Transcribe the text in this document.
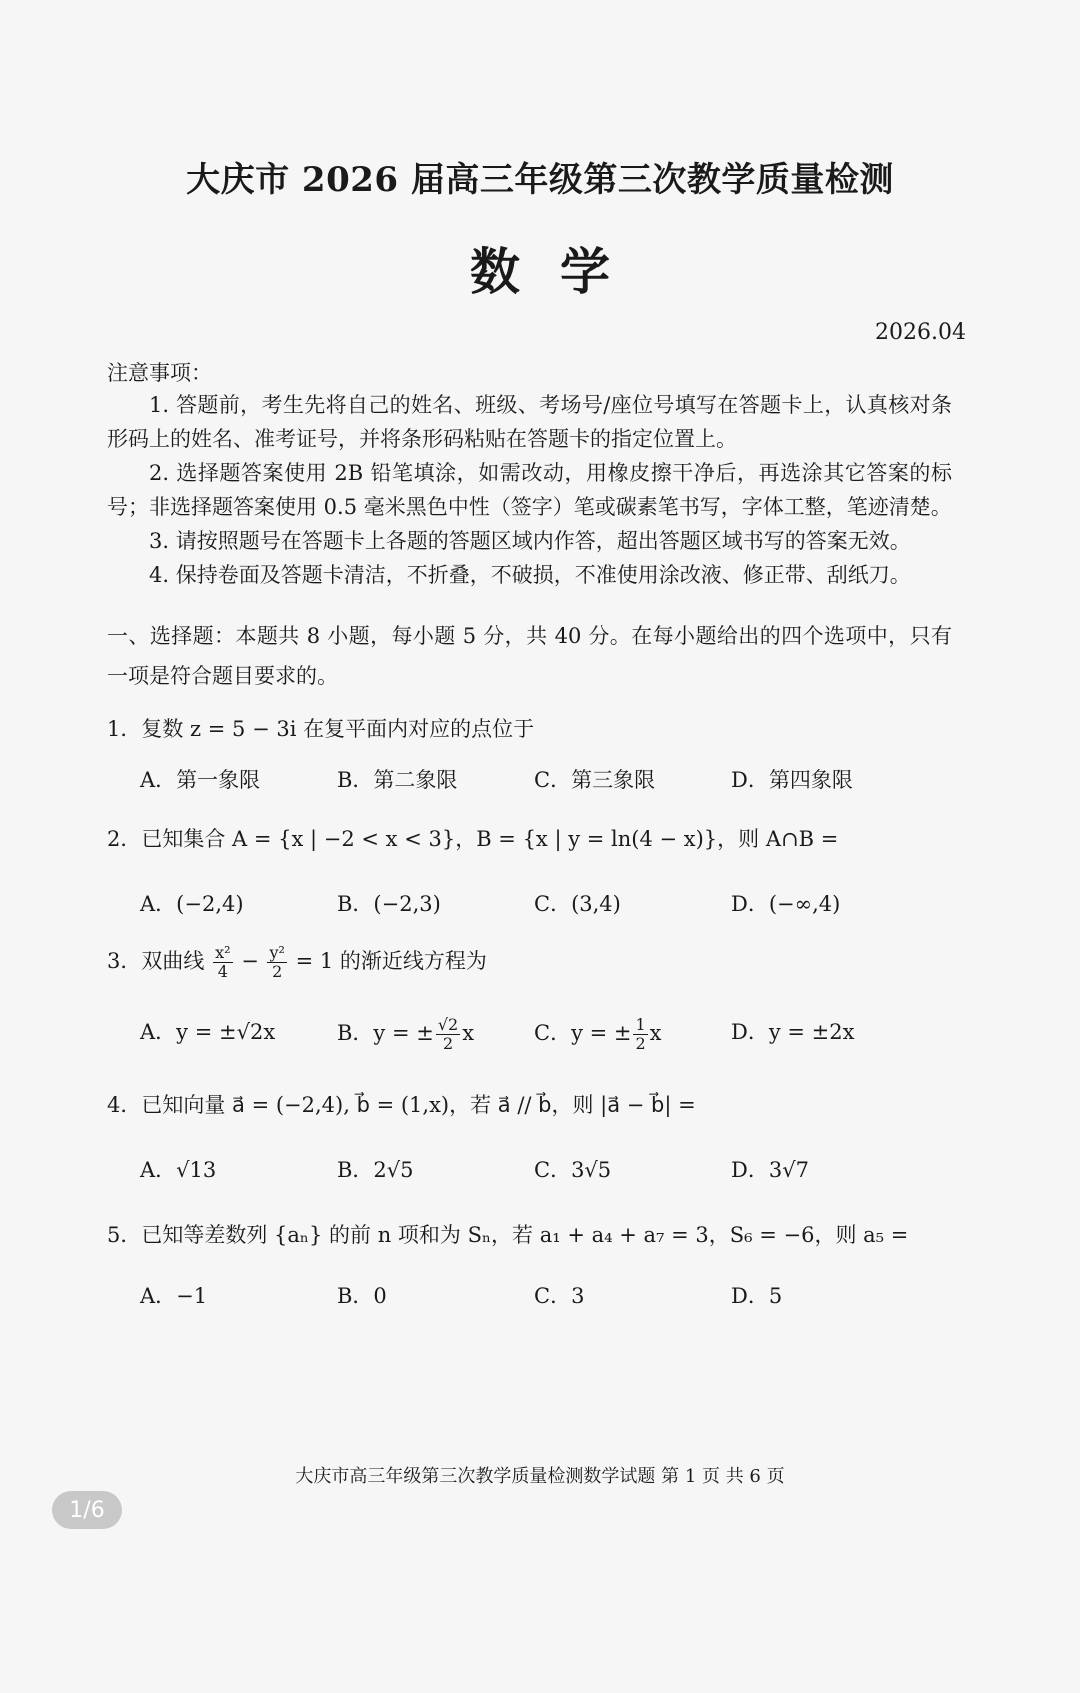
大庆市 2026 届高三年级第三次教学质量检测
数学
2026.04
注意事项：
1. 答题前，考生先将自己的姓名、班级、考场号/座位号填写在答题卡上，认真核对条形码上的姓名、准考证号，并将条形码粘贴在答题卡的指定位置上。
2. 选择题答案使用 2B 铅笔填涂，如需改动，用橡皮擦干净后，再选涂其它答案的标号；非选择题答案使用 0.5 毫米黑色中性（签字）笔或碳素笔书写，字体工整，笔迹清楚。
3. 请按照题号在答题卡上各题的答题区域内作答，超出答题区域书写的答案无效。
4. 保持卷面及答题卡清洁，不折叠，不破损，不准使用涂改液、修正带、刮纸刀。
一、选择题：本题共 8 小题，每小题 5 分，共 40 分。在每小题给出的四个选项中，只有一项是符合题目要求的。
1．复数 z = 5 − 3i 在复平面内对应的点位于
A．第一象限	B．第二象限	C．第三象限	D．第四象限
2．已知集合 A = {x | −2 < x < 3}，B = {x | y = ln(4 − x)}，则 A∩B =
A．(−2,4)	B．(−2,3)	C．(3,4)	D．(−∞,4)
3．双曲线 $\frac{\text{x²}}{4} - \frac{\text{y²}}{2} = 1$ 的渐近线方程为
A．y = ±√2x	B．y = ± $\frac{√2}{2}$ x	C．y = ± $\frac{1}{2}$ x	D．y = ±2x
4．已知向量 a⃗ = (−2,4), b⃗ = (1,x)，若 a⃗ // b⃗，则 |a⃗ − b⃗| =
A．√13	B．2√5	C．3√5	D．3√7
5．已知等差数列 {aₙ} 的前 n 项和为 Sₙ，若 a₁ + a₄ + a₇ = 3，S₆ = −6，则 a₅ =
A．−1	B．0	C．3	D．5
大庆市高三年级第三次教学质量检测数学试题 第 1 页 共 6 页
1/6
